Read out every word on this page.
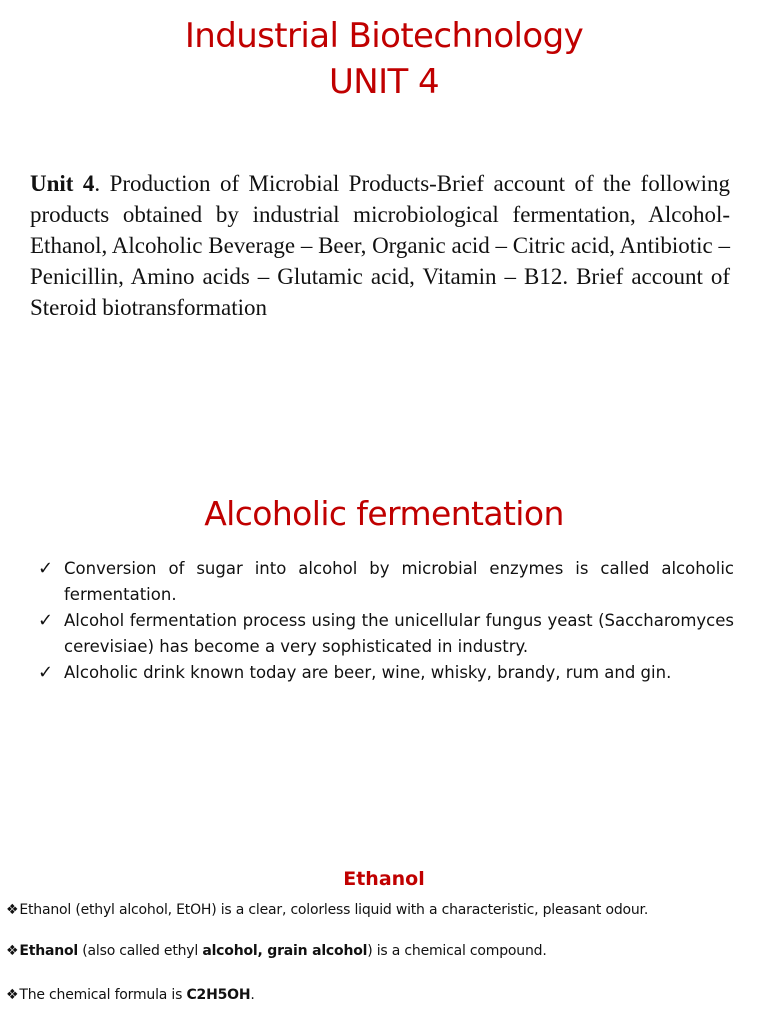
Industrial Biotechnology
UNIT 4
Unit 4. Production of Microbial Products-Brief account of the following products obtained by industrial microbiological fermentation, Alcohol- Ethanol, Alcoholic Beverage – Beer, Organic acid – Citric acid, Antibiotic – Penicillin, Amino acids – Glutamic acid, Vitamin – B12. Brief account of Steroid biotransformation
Alcoholic fermentation
✓ Conversion of sugar into alcohol by microbial enzymes is called alcoholic fermentation.
✓ Alcohol fermentation process using the unicellular fungus yeast (Saccharomyces cerevisiae) has become a very sophisticated in industry.
✓ Alcoholic drink known today are beer, wine, whisky, brandy, rum and gin.
Ethanol
❖Ethanol (ethyl alcohol, EtOH) is a clear, colorless liquid with a characteristic, pleasant odour.
❖Ethanol (also called ethyl alcohol, grain alcohol) is a chemical compound.
❖The chemical formula is C2H5OH.
